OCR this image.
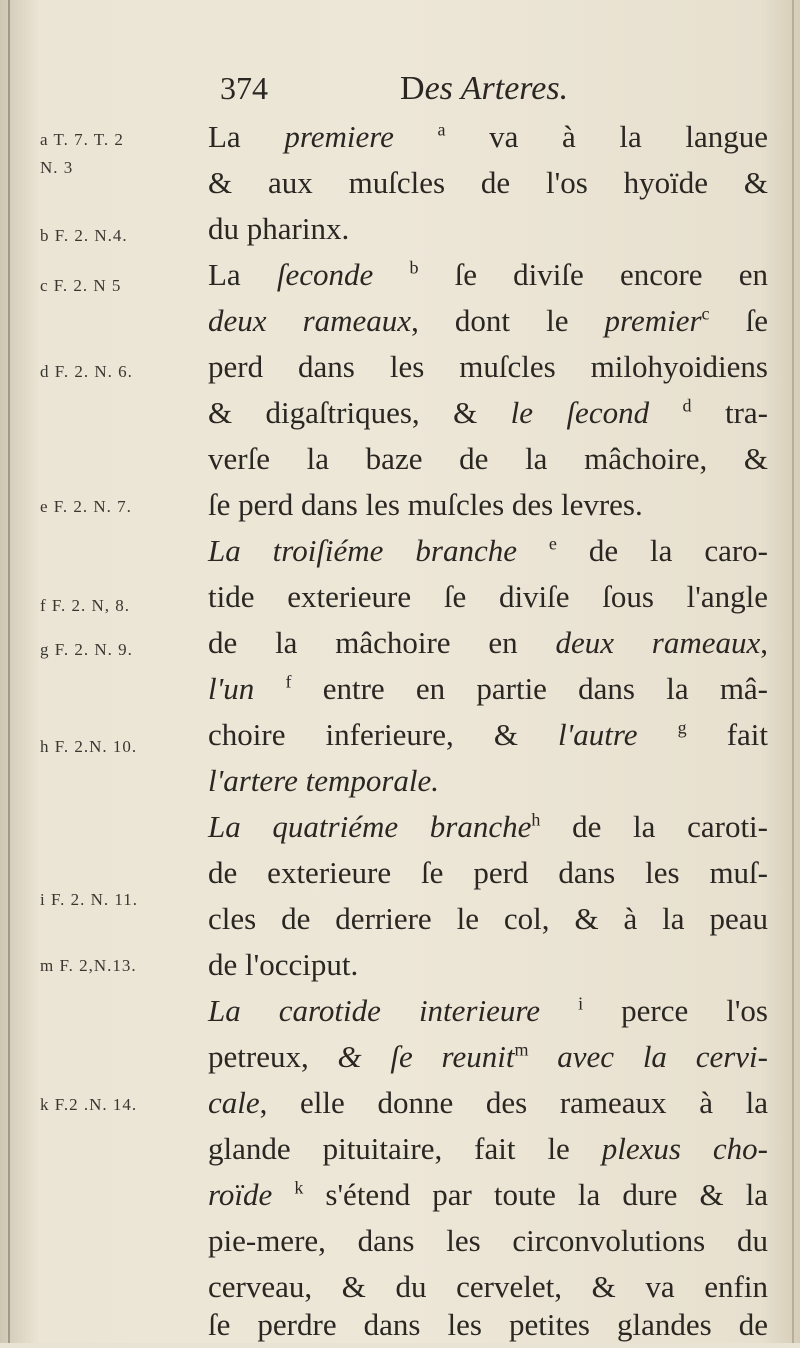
374	Des Arteres.
a T. 7. T. 2
N. 3
b F. 2. N.4.
c F. 2. N 5
d F. 2. N. 6.
e F. 2. N. 7.
f F. 2. N, 8.
g F. 2. N. 9.
h F. 2.N. 10.
i F. 2. N. 11.
m F. 2,N.13.
k F.2 .N. 14.
La premiere $^a$ va à la langue
& aux muſcles de l'os hyoïde &
du pharinx.
La ſeconde $^b$ ſe diviſe encore en
deux rameaux, dont le premier$^c$ ſe
perd dans les muſcles milohyoidiens
& digaſtriques, & le ſecond $^d$ tra-
verſe la baze de la mâchoire, &
ſe perd dans les muſcles des levres.
La troiſiéme branche $^e$ de la caro-
tide exterieure ſe diviſe ſous l'angle
de la mâchoire en deux rameaux,
l'un $^f$ entre en partie dans la mâ-
choire inferieure, & l'autre $^g$ fait
l'artere temporale.
La quatriéme branche$^h$ de la caroti-
de exterieure ſe perd dans les muſ-
cles de derriere le col, & à la peau
de l'occiput.
La carotide interieure $^i$ perce l'os
petreux, & ſe reunit$^m$ avec la cervi-
cale, elle donne des rameaux à la
glande pituitaire, fait le plexus cho-
roïde $^k$ s'étend par toute la dure & la
pie-mere, dans les circonvolutions du
cerveau, & du cervelet, & va enfin
ſe perdre dans les petites glandes de
